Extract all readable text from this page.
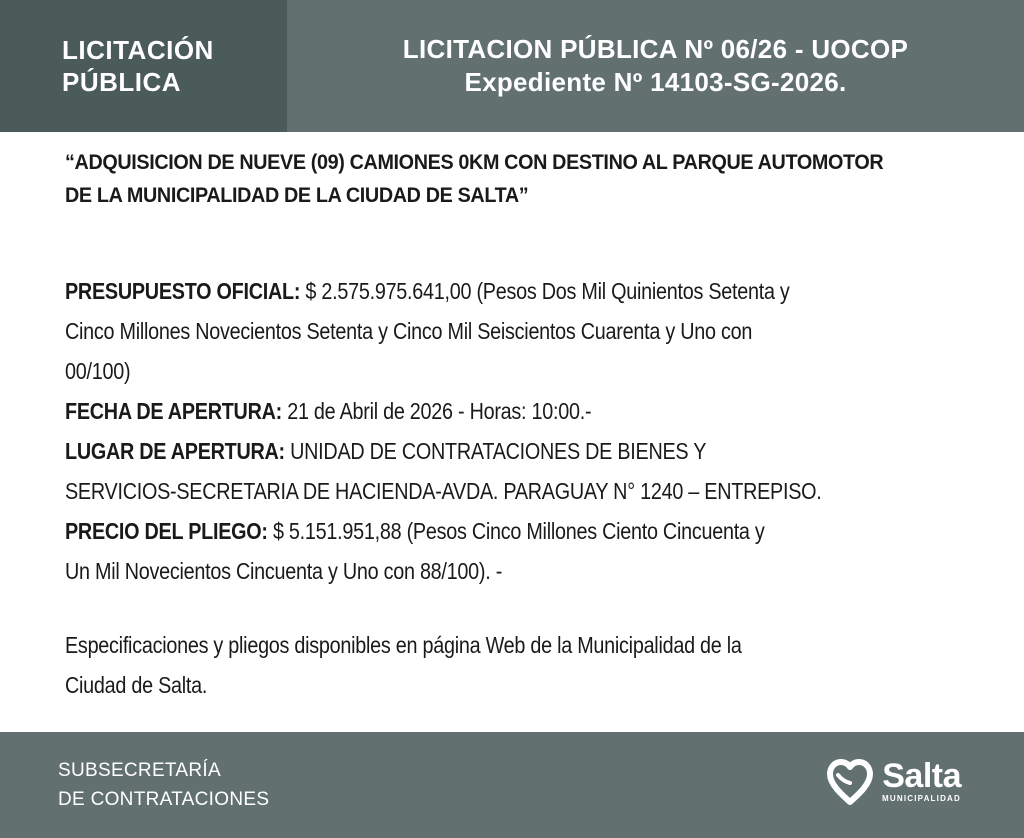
LICITACIÓN
PÚBLICA
LICITACION PÚBLICA Nº 06/26 - UOCOP
Expediente Nº 14103-SG-2026.
“ADQUISICION DE NUEVE (09) CAMIONES 0KM CON DESTINO AL PARQUE AUTOMOTOR
DE LA MUNICIPALIDAD DE LA CIUDAD DE SALTA”
PRESUPUESTO OFICIAL: $ 2.575.975.641,00 (Pesos Dos Mil Quinientos Setenta y
Cinco Millones Novecientos Setenta y Cinco Mil Seiscientos Cuarenta y Uno con
00/100)
FECHA DE APERTURA: 21 de Abril de 2026 - Horas: 10:00.-
LUGAR DE APERTURA: UNIDAD DE CONTRATACIONES DE BIENES Y
SERVICIOS-SECRETARIA DE HACIENDA-AVDA. PARAGUAY N° 1240 – ENTREPISO.
PRECIO DEL PLIEGO: $ 5.151.951,88 (Pesos Cinco Millones Ciento Cincuenta y
Un Mil Novecientos Cincuenta y Uno con 88/100). -
Especificaciones y pliegos disponibles en página Web de la Municipalidad de la
Ciudad de Salta.
SUBSECRETARÍA
DE CONTRATACIONES
Salta
MUNICIPALIDAD
